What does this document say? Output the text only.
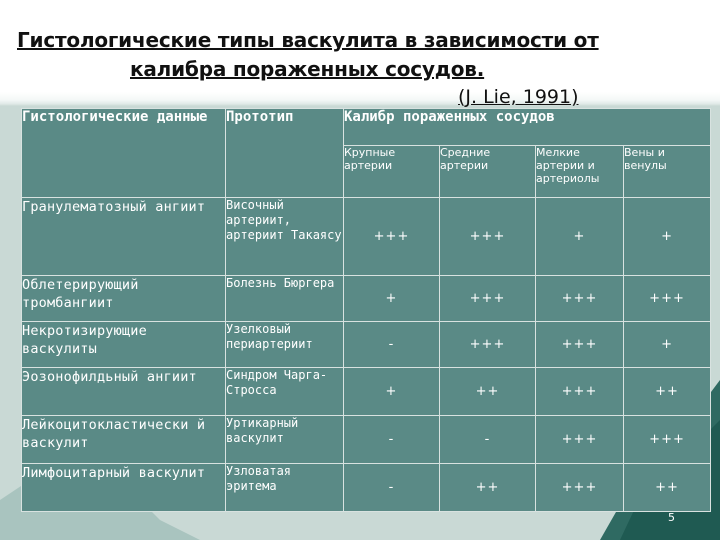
Гистологические типы васкулита в зависимости от
калибра пораженных сосудов.
(J. Lie, 1991)
Гистологические данные	Прототип	Калибр пораженных сосудов			
		Крупные артерии	Средние артерии	Мелкие артерии и артериолы	Вены и венулы
Гранулематозный ангиит	Височный артериит, артериит Такаясу	+++	+++	+	+
Облетерирующий тромбангиит	Болезнь Бюргера	+	+++	+++	+++
Некротизирующие васкулиты	Узелковый периартериит	-	+++	+++	+
Эозонофилдьный ангиит	Синдром Чарга-Стросса	+	++	+++	++
Лейкоцитокластически й васкулит	Уртикарный васкулит	-	-	+++	+++
Лимфоцитарный васкулит	Узловатая эритема	-	++	+++	++
5
